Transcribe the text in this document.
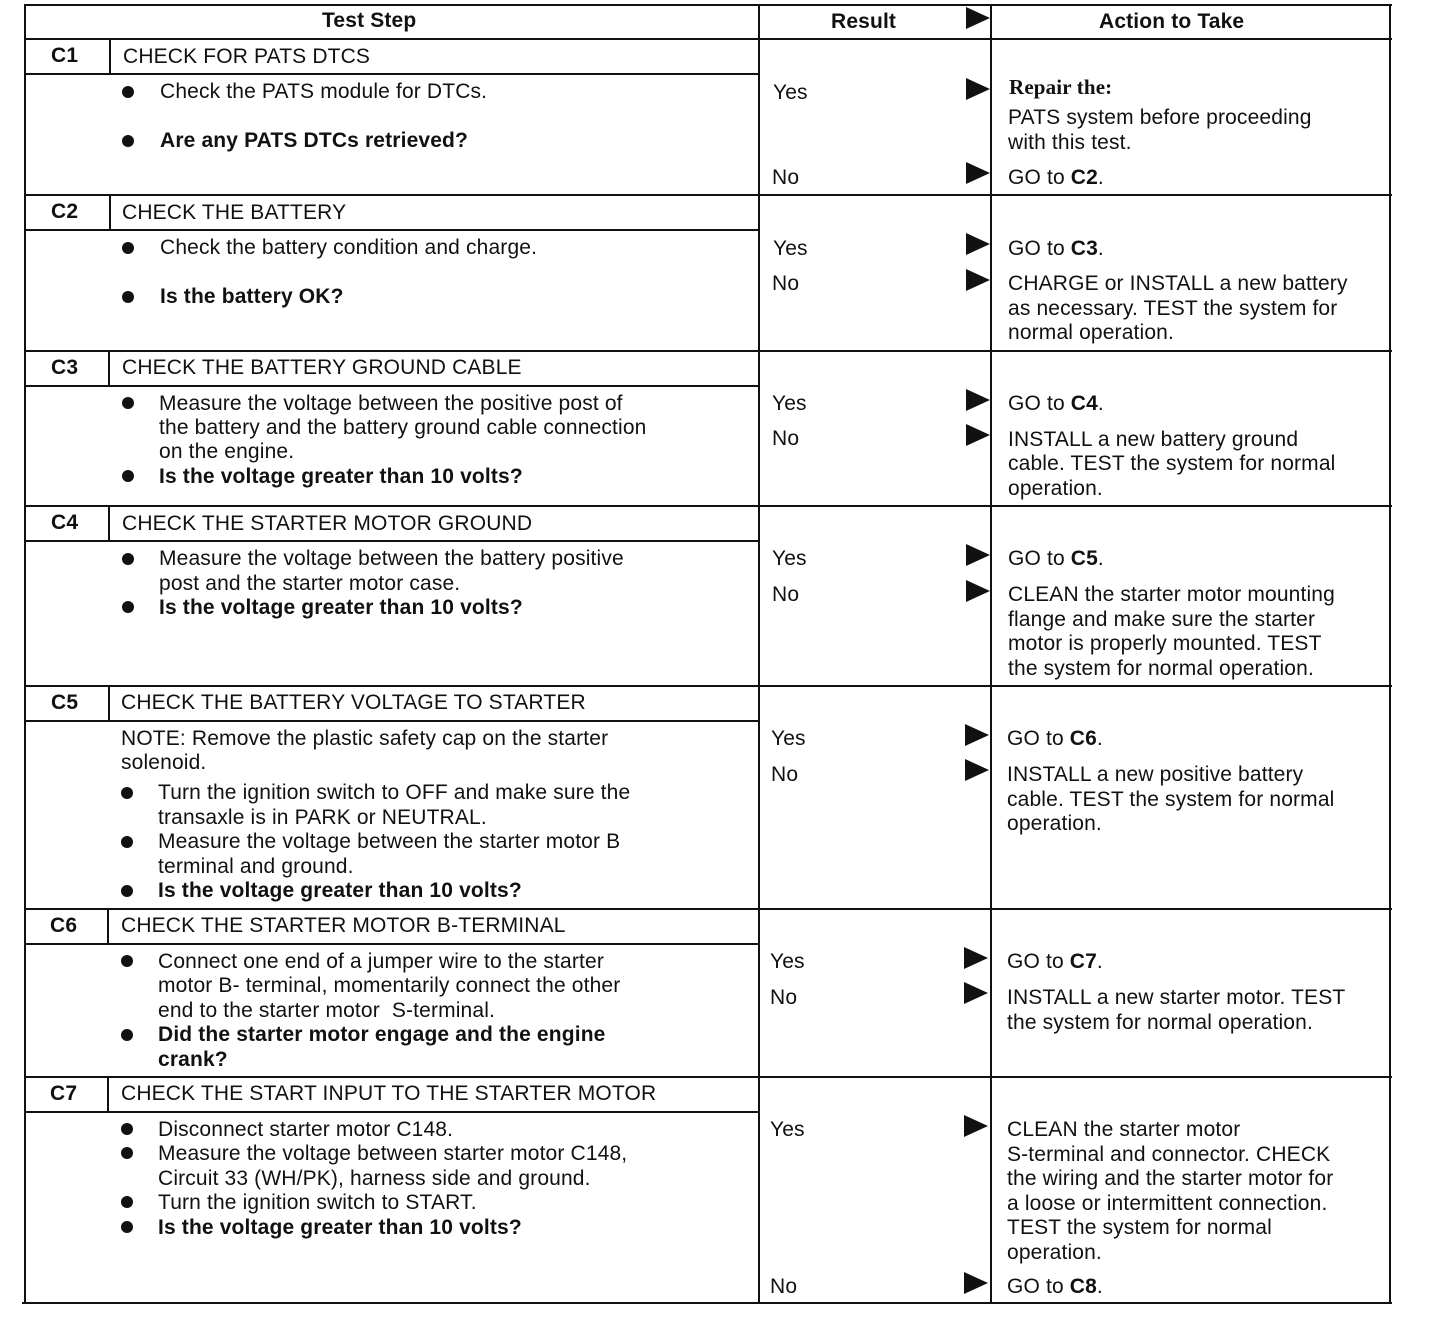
Test Step	Result	Action to Take
C1 CHECK FOR PATS DTCS
Check the PATS module for DTCs.
Are any PATS DTCs retrieved?
Yes
No
Repair the:
PATS system before proceeding
with this test.
GO to C2.
C2 CHECK THE BATTERY
Check the battery condition and charge.
Is the battery OK?
Yes
No
GO to C3.
CHARGE or INSTALL a new battery
as necessary. TEST the system for
normal operation.
C3 CHECK THE BATTERY GROUND CABLE
Measure the voltage between the positive post of
the battery and the battery ground cable connection
on the engine.
Is the voltage greater than 10 volts?
Yes
No
GO to C4.
INSTALL a new battery ground
cable. TEST the system for normal
operation.
C4 CHECK THE STARTER MOTOR GROUND
Measure the voltage between the battery positive
post and the starter motor case.
Is the voltage greater than 10 volts?
Yes
No
GO to C5.
CLEAN the starter motor mounting
flange and make sure the starter
motor is properly mounted. TEST
the system for normal operation.
C5 CHECK THE BATTERY VOLTAGE TO STARTER
NOTE: Remove the plastic safety cap on the starter
solenoid.
Turn the ignition switch to OFF and make sure the
transaxle is in PARK or NEUTRAL.
Measure the voltage between the starter motor B
terminal and ground.
Is the voltage greater than 10 volts?
Yes
No
GO to C6.
INSTALL a new positive battery
cable. TEST the system for normal
operation.
C6 CHECK THE STARTER MOTOR B-TERMINAL
Connect one end of a jumper wire to the starter
motor B- terminal, momentarily connect the other
end to the starter motor  S-terminal.
Did the starter motor engage and the engine
crank?
Yes
No
GO to C7.
INSTALL a new starter motor. TEST
the system for normal operation.
C7 CHECK THE START INPUT TO THE STARTER MOTOR
Disconnect starter motor C148.
Measure the voltage between starter motor C148,
Circuit 33 (WH/PK), harness side and ground.
Turn the ignition switch to START.
Is the voltage greater than 10 volts?
Yes
No
CLEAN the starter motor
S-terminal and connector. CHECK
the wiring and the starter motor for
a loose or intermittent connection.
TEST the system for normal
operation.
GO to C8.
